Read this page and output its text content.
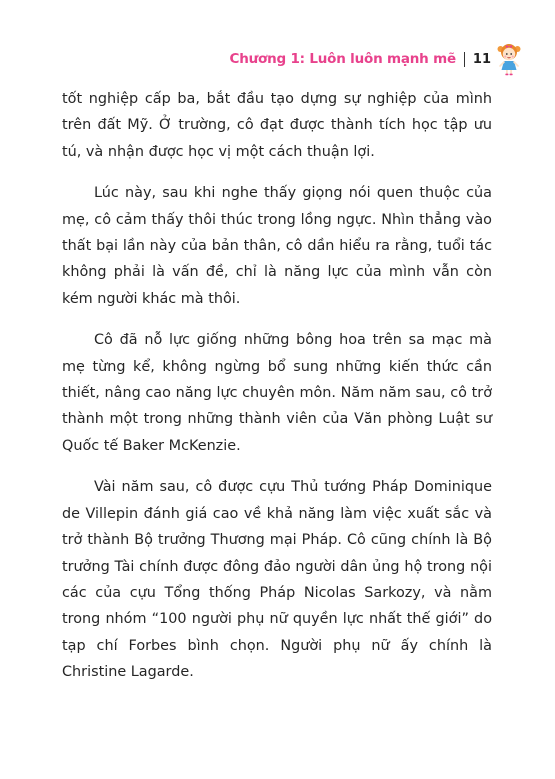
Chương 1: Luôn luôn mạnh mẽ 11

tốt nghiệp cấp ba, bắt đầu tạo dựng sự nghiệp của mình trên đất Mỹ. Ở trường, cô đạt được thành tích học tập ưu tú, và nhận được học vị một cách thuận lợi.

Lúc này, sau khi nghe thấy giọng nói quen thuộc của mẹ, cô cảm thấy thôi thúc trong lồng ngực. Nhìn thẳng vào thất bại lần này của bản thân, cô dần hiểu ra rằng, tuổi tác không phải là vấn đề, chỉ là năng lực của mình vẫn còn kém người khác mà thôi.

Cô đã nỗ lực giống những bông hoa trên sa mạc mà mẹ từng kể, không ngừng bổ sung những kiến thức cần thiết, nâng cao năng lực chuyên môn. Năm năm sau, cô trở thành một trong những thành viên của Văn phòng Luật sư Quốc tế Baker McKenzie.

Vài năm sau, cô được cựu Thủ tướng Pháp Dominique de Villepin đánh giá cao về khả năng làm việc xuất sắc và trở thành Bộ trưởng Thương mại Pháp. Cô cũng chính là Bộ trưởng Tài chính được đông đảo người dân ủng hộ trong nội các của cựu Tổng thống Pháp Nicolas Sarkozy, và nằm trong nhóm “100 người phụ nữ quyền lực nhất thế giới” do tạp chí Forbes bình chọn. Người phụ nữ ấy chính là Christine Lagarde.
